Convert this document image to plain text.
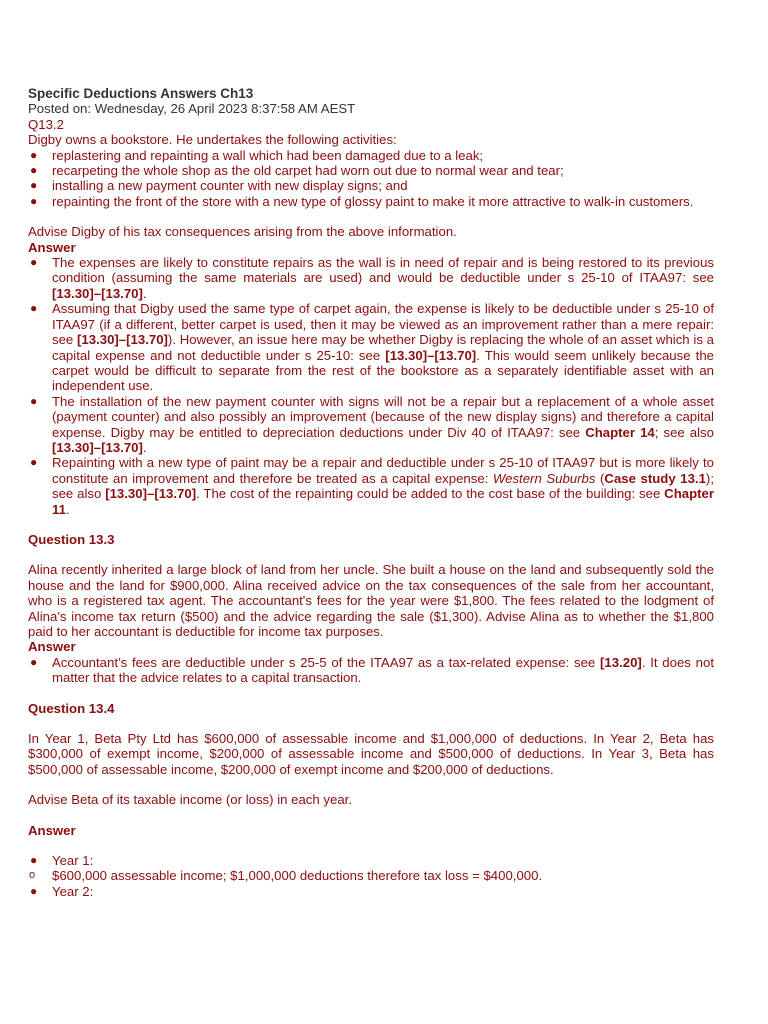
Specific Deductions Answers Ch13
Posted on: Wednesday, 26 April 2023 8:37:58 AM AEST
Q13.2

Digby owns a bookstore. He undertakes the following activities:

●	replastering and repainting a wall which had been damaged due to a leak;
●	recarpeting the whole shop as the old carpet had worn out due to normal wear and tear;
●	installing a new payment counter with new display signs; and
●	repainting the front of the store with a new type of glossy paint to make it more attractive to walk-in customers.

Advise Digby of his tax consequences arising from the above information.

Answer
●	The expenses are likely to constitute repairs as the wall is in need of repair and is being restored to its previous condition (assuming the same materials are used) and would be deductible under s 25-10 of ITAA97: see [13.30]–[13.70].
●	Assuming that Digby used the same type of carpet again, the expense is likely to be deductible under s 25-10 of ITAA97 (if a different, better carpet is used, then it may be viewed as an improvement rather than a mere repair: see [13.30]–[13.70]). However, an issue here may be whether Digby is replacing the whole of an asset which is a capital expense and not deductible under s 25-10: see [13.30]–[13.70]. This would seem unlikely because the carpet would be difficult to separate from the rest of the bookstore as a separately identifiable asset with an independent use.
●	The installation of the new payment counter with signs will not be a repair but a replacement of a whole asset (payment counter) and also possibly an improvement (because of the new display signs) and therefore a capital expense. Digby may be entitled to depreciation deductions under Div 40 of ITAA97: see Chapter 14; see also [13.30]–[13.70].
●	Repainting with a new type of paint may be a repair and deductible under s 25-10 of ITAA97 but is more likely to constitute an improvement and therefore be treated as a capital expense: Western Suburbs (Case study 13.1); see also [13.30]–[13.70]. The cost of the repainting could be added to the cost base of the building: see Chapter 11.
Question 13.3

Alina recently inherited a large block of land from her uncle. She built a house on the land and subsequently sold the house and the land for $900,000. Alina received advice on the tax consequences of the sale from her accountant, who is a registered tax agent. The accountant's fees for the year were $1,800. The fees related to the lodgment of Alina's income tax return ($500) and the advice regarding the sale ($1,300). Advise Alina as to whether the $1,800 paid to her accountant is deductible for income tax purposes.

Answer
●	Accountant’s fees are deductible under s 25-5 of the ITAA97 as a tax-related expense: see [13.20]. It does not matter that the advice relates to a capital transaction.
Question 13.4

In Year 1, Beta Pty Ltd has $600,000 of assessable income and $1,000,000 of deductions. In Year 2, Beta has $300,000 of exempt income, $200,000 of assessable income and $500,000 of deductions. In Year 3, Beta has $500,000 of assessable income, $200,000 of exempt income and $200,000 of deductions.

Advise Beta of its taxable income (or loss) in each year.

Answer
●	Year 1:
o	$600,000 assessable income; $1,000,000 deductions therefore tax loss = $400,000.
●	Year 2:
